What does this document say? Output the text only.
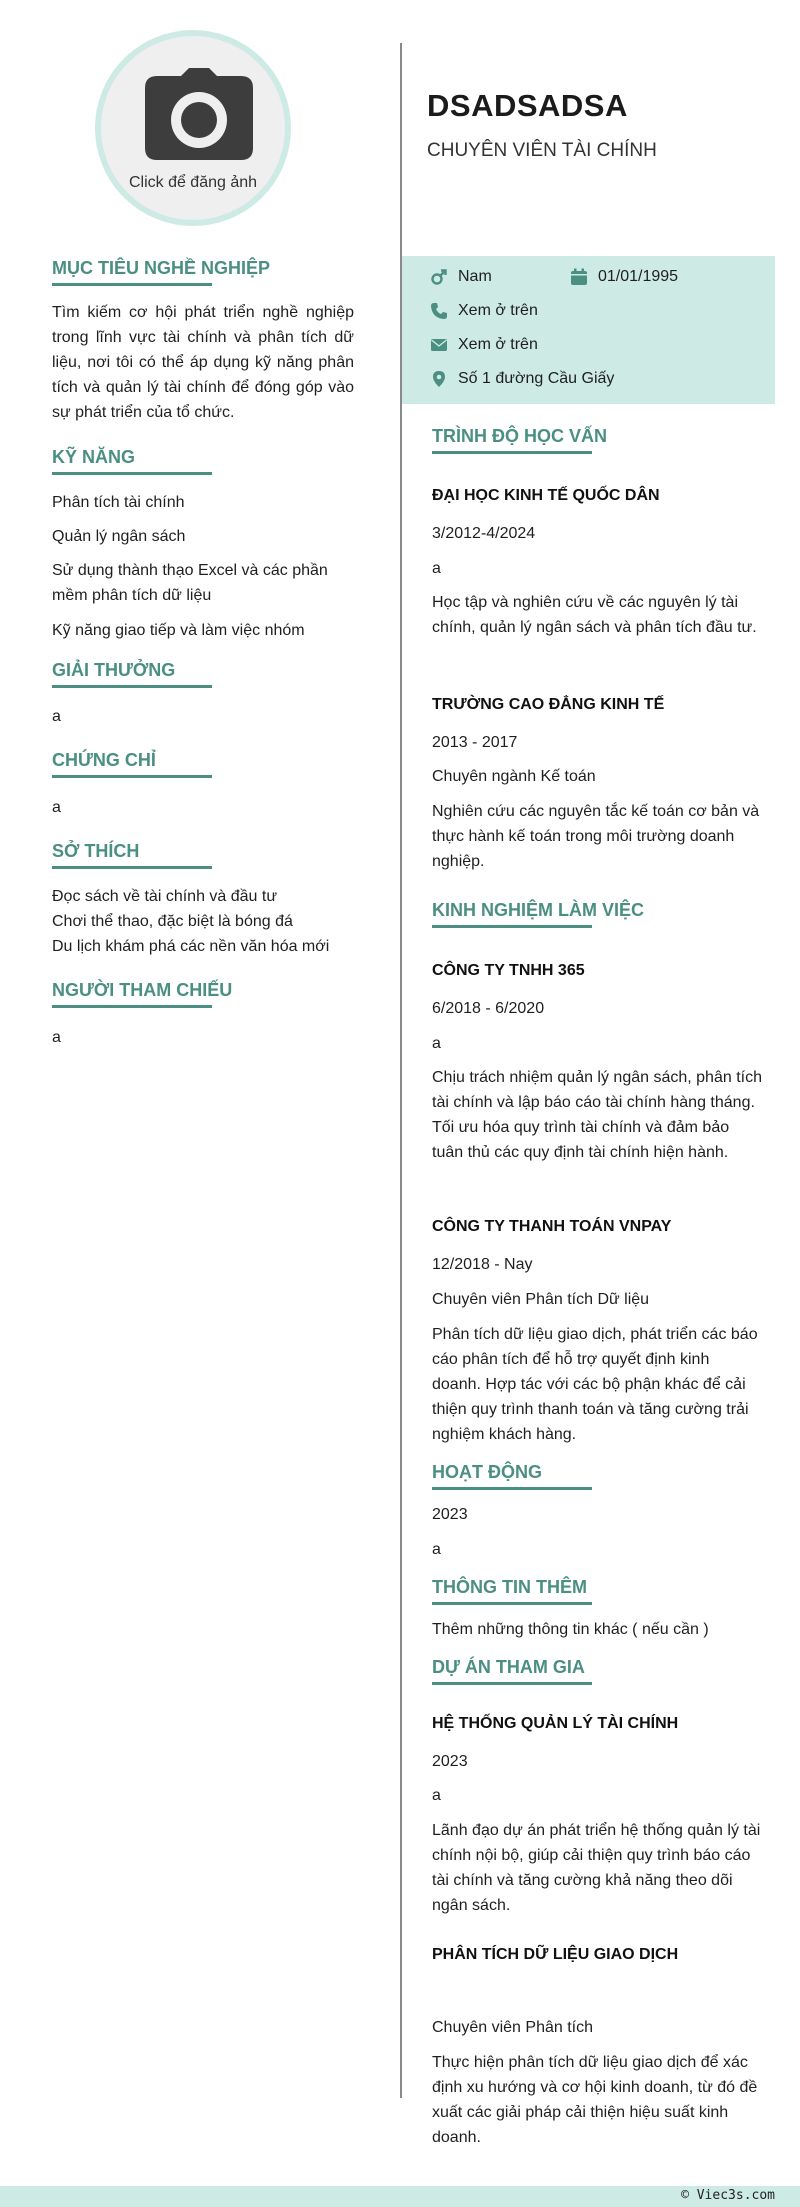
Click để đăng ảnh
MỤC TIÊU NGHỀ NGHIỆP
Tìm kiếm cơ hội phát triển nghề nghiệp trong lĩnh vực tài chính và phân tích dữ liệu, nơi tôi có thể áp dụng kỹ năng phân tích và quản lý tài chính để đóng góp vào sự phát triển của tổ chức.
KỸ NĂNG
Phân tích tài chính
Quản lý ngân sách
Sử dụng thành thạo Excel và các phần mềm phân tích dữ liệu
Kỹ năng giao tiếp và làm việc nhóm
GIẢI THƯỞNG
a
CHỨNG CHỈ
a
SỞ THÍCH
Đọc sách về tài chính và đầu tư
Chơi thể thao, đặc biệt là bóng đá
Du lịch khám phá các nền văn hóa mới
NGƯỜI THAM CHIẾU
a
DSADSADSA
CHUYÊN VIÊN TÀI CHÍNH
Nam	01/01/1995
Xem ở trên
Xem ở trên
Số 1 đường Cầu Giấy
TRÌNH ĐỘ HỌC VẤN
ĐẠI HỌC KINH TẾ QUỐC DÂN
3/2012-4/2024
a
Học tập và nghiên cứu về các nguyên lý tài chính, quản lý ngân sách và phân tích đầu tư.
TRƯỜNG CAO ĐẲNG KINH TẾ
2013 - 2017
Chuyên ngành Kế toán
Nghiên cứu các nguyên tắc kế toán cơ bản và thực hành kế toán trong môi trường doanh nghiệp.
KINH NGHIỆM LÀM VIỆC
CÔNG TY TNHH 365
6/2018 - 6/2020
a
Chịu trách nhiệm quản lý ngân sách, phân tích tài chính và lập báo cáo tài chính hàng tháng. Tối ưu hóa quy trình tài chính và đảm bảo tuân thủ các quy định tài chính hiện hành.
CÔNG TY THANH TOÁN VNPAY
12/2018 - Nay
Chuyên viên Phân tích Dữ liệu
Phân tích dữ liệu giao dịch, phát triển các báo cáo phân tích để hỗ trợ quyết định kinh doanh. Hợp tác với các bộ phận khác để cải thiện quy trình thanh toán và tăng cường trải nghiệm khách hàng.
HOẠT ĐỘNG
2023
a
THÔNG TIN THÊM
Thêm những thông tin khác ( nếu cần )
DỰ ÁN THAM GIA
HỆ THỐNG QUẢN LÝ TÀI CHÍNH
2023
a
Lãnh đạo dự án phát triển hệ thống quản lý tài chính nội bộ, giúp cải thiện quy trình báo cáo tài chính và tăng cường khả năng theo dõi ngân sách.
PHÂN TÍCH DỮ LIỆU GIAO DỊCH
Chuyên viên Phân tích
Thực hiện phân tích dữ liệu giao dịch để xác định xu hướng và cơ hội kinh doanh, từ đó đề xuất các giải pháp cải thiện hiệu suất kinh doanh.
© Viec3s.com
